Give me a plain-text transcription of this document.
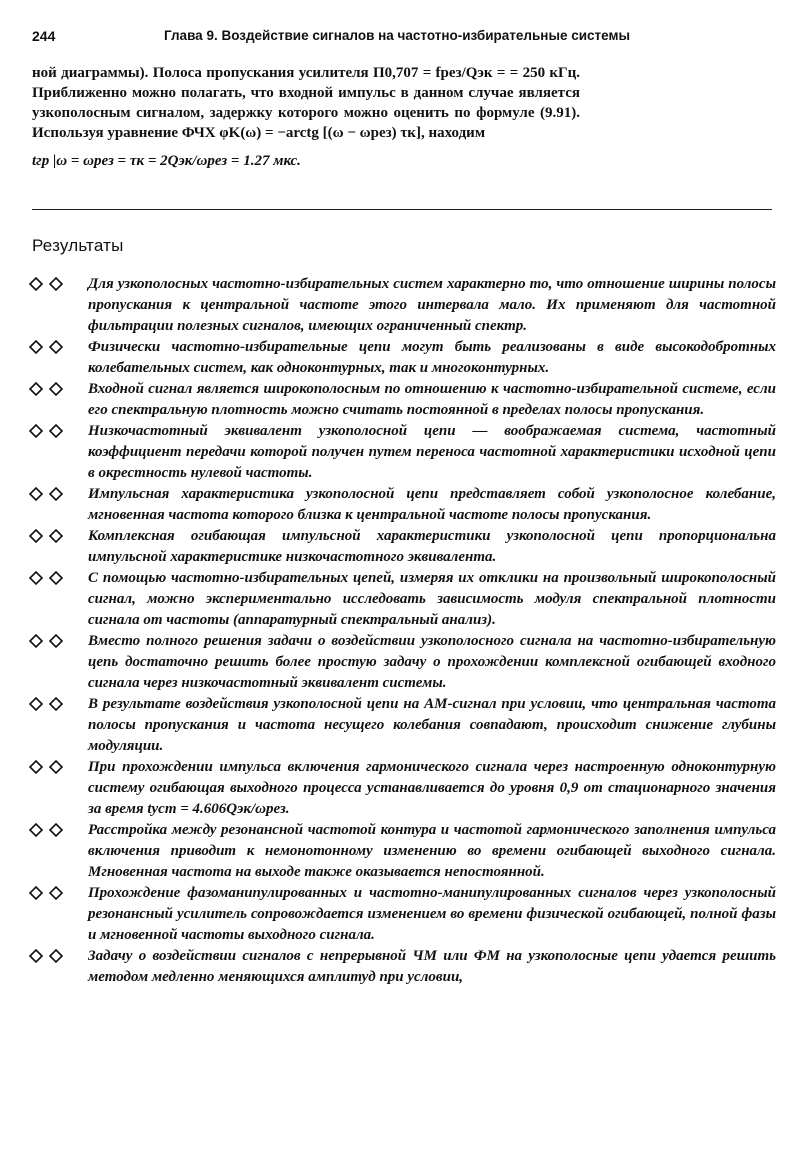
244	Глава 9. Воздействие сигналов на частотно-избирательные системы

ной диаграммы). Полоса пропускания усилителя П0,707 = fрез/Qэк = = 250 кГц. Приближенно можно полагать, что входной импульс в данном случае является узкополосным сигналом, задержку которого можно оценить по формуле (9.91). Используя уравнение ФЧХ φK(ω) = −arctg [(ω − ωрез) τк], находим

tгр |ω = ωрез = τк = 2Qэк/ωрез = 1.27 мкс.

Результаты
Для узкополосных частотно-избирательных систем характерно то, что отношение ширины полосы пропускания к центральной частоте этого интервала мало. Их применяют для частотной фильтрации полезных сигналов, имеющих ограниченный спектр.
Физически частотно-избирательные цепи могут быть реализованы в виде высокодобротных колебательных систем, как одноконтурных, так и многоконтурных.
Входной сигнал является широкополосным по отношению к частотно-избирательной системе, если его спектральную плотность можно считать постоянной в пределах полосы пропускания.
Низкочастотный эквивалент узкополосной цепи — воображаемая система, частотный коэффициент передачи которой получен путем переноса частотной характеристики исходной цепи в окрестность нулевой частоты.
Импульсная характеристика узкополосной цепи представляет собой узкополосное колебание, мгновенная частота которого близка к центральной частоте полосы пропускания.
Комплексная огибающая импульсной характеристики узкополосной цепи пропорциональна импульсной характеристике низкочастотного эквивалента.
С помощью частотно-избирательных цепей, измеряя их отклики на произвольный широкополосный сигнал, можно экспериментально исследовать зависимость модуля спектральной плотности сигнала от частоты (аппаратурный спектральный анализ).
Вместо полного решения задачи о воздействии узкополосного сигнала на частотно-избирательную цепь достаточно решить более простую задачу о прохождении комплексной огибающей входного сигнала через низкочастотный эквивалент системы.
В результате воздействия узкополосной цепи на АМ-сигнал при условии, что центральная частота полосы пропускания и частота несущего колебания совпадают, происходит снижение глубины модуляции.
При прохождении импульса включения гармонического сигнала через настроенную одноконтурную систему огибающая выходного процесса устанавливается до уровня 0,9 от стационарного значения за время tуст = 4.606Qэк/ωрез.
Расстройка между резонансной частотой контура и частотой гармонического заполнения импульса включения приводит к немонотонному изменению во времени огибающей выходного сигнала. Мгновенная частота на выходе также оказывается непостоянной.
Прохождение фазоманипулированных и частотно-манипулированных сигналов через узкополосный резонансный усилитель сопровождается изменением во времени физической огибающей, полной фазы и мгновенной частоты выходного сигнала.
Задачу о воздействии сигналов с непрерывной ЧМ или ФМ на узкополосные цепи удается решить методом медленно меняющихся амплитуд при условии,
